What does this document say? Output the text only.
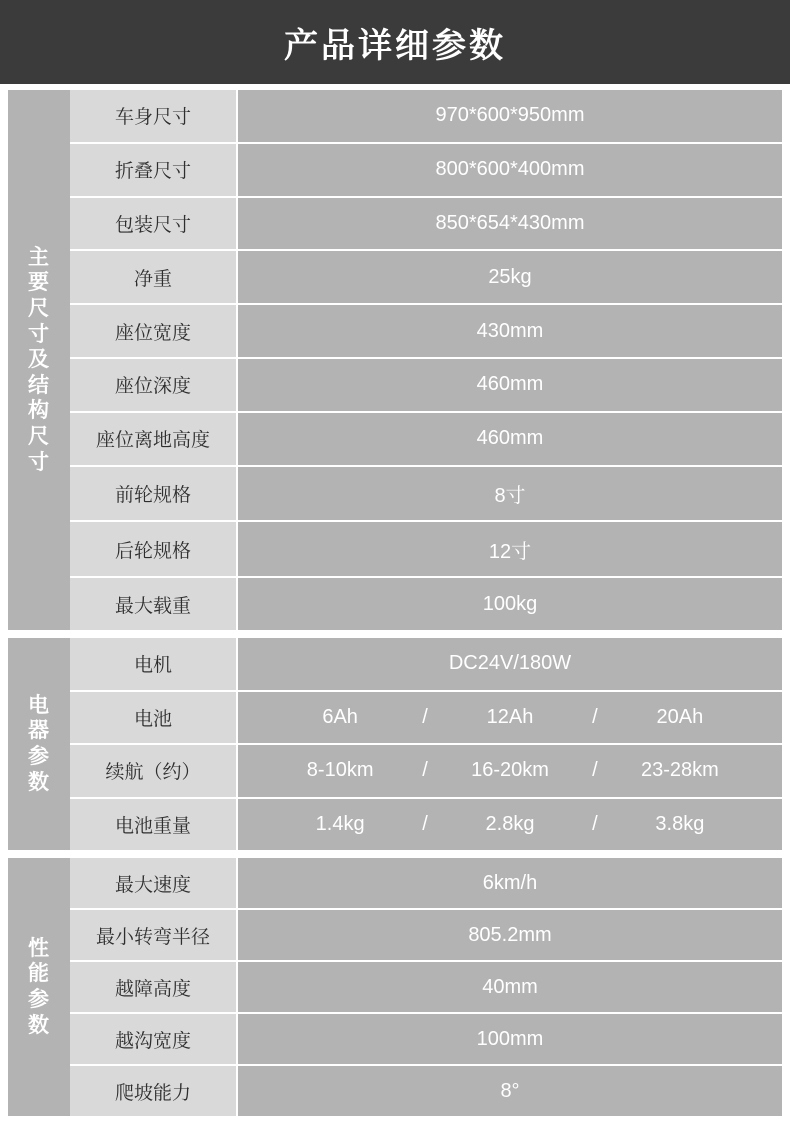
产品详细参数
主要尺寸及结构尺寸
车身尺寸	970*600*950mm
折叠尺寸	800*600*400mm
包装尺寸	850*654*430mm
净重	25kg
座位宽度	430mm
座位深度	460mm
座位离地高度	460mm
前轮规格	8寸
后轮规格	12寸
最大载重	100kg
电器参数
电机	DC24V/180W
电池	6Ah	/	12Ah	/	20Ah
续航（约）	8-10km	/	16-20km	/	23-28km
电池重量	1.4kg	/	2.8kg	/	3.8kg
性能参数
最大速度	6km/h
最小转弯半径	805.2mm
越障高度	40mm
越沟宽度	100mm
爬坡能力	8°
